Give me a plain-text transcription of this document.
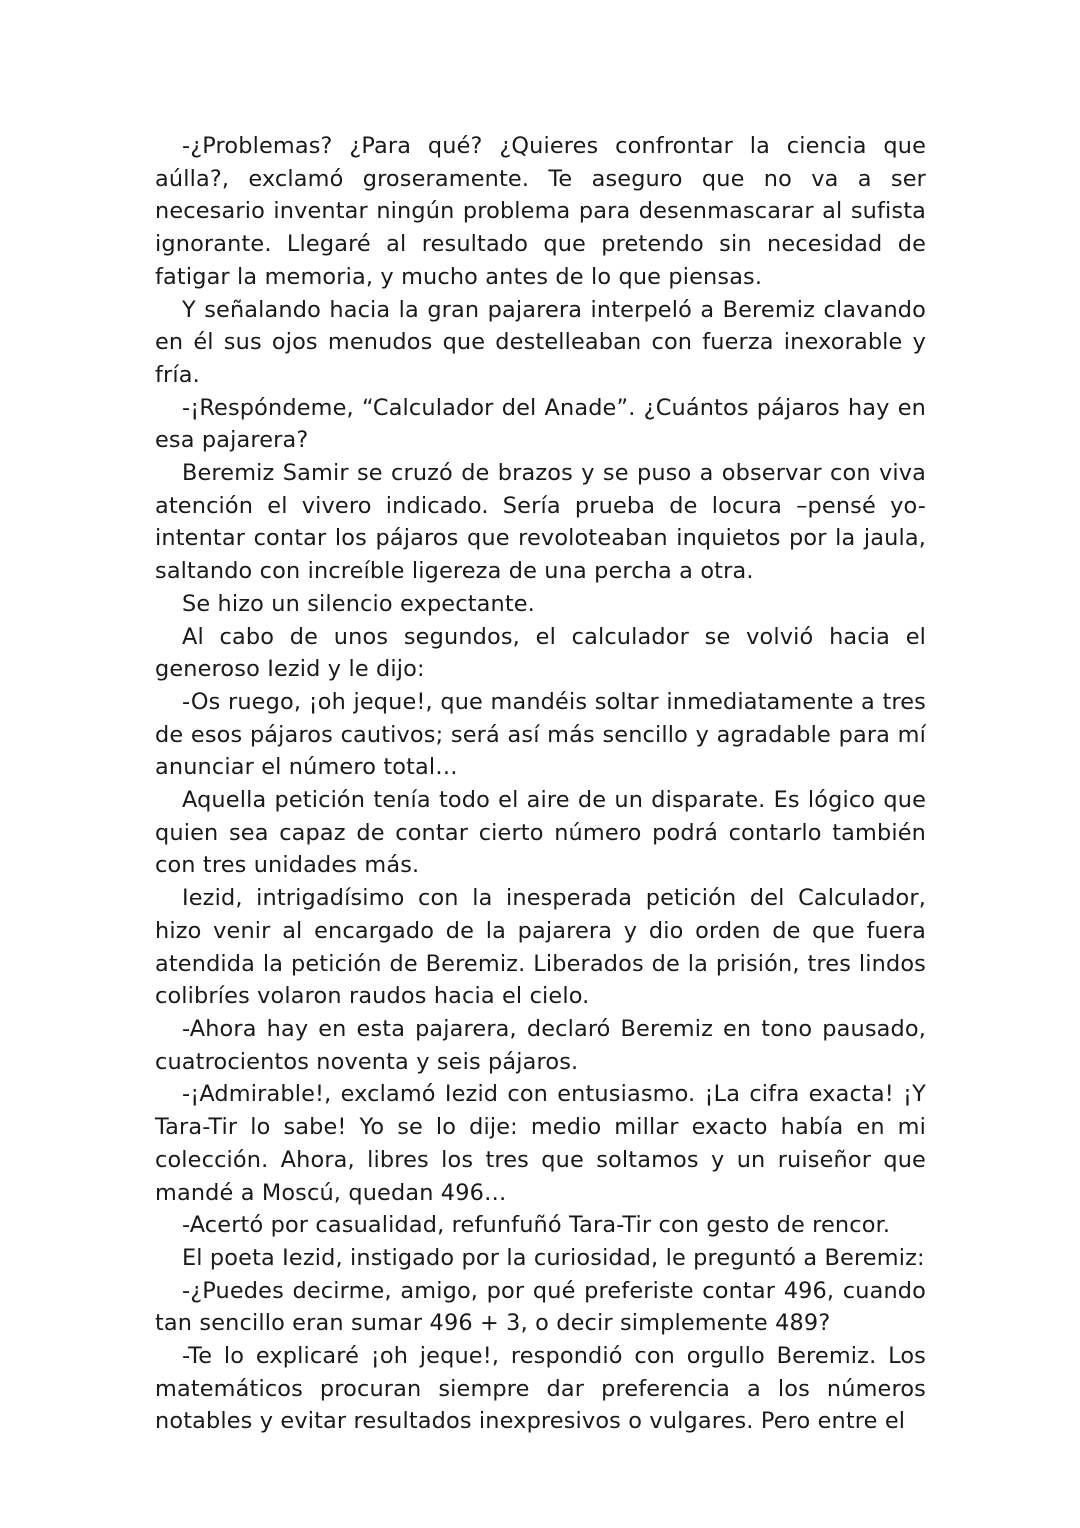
-¿Problemas? ¿Para qué? ¿Quieres confrontar la ciencia que aúlla?, exclamó groseramente. Te aseguro que no va a ser necesario inventar ningún problema para desenmascarar al sufista ignorante. Llegaré al resultado que pretendo sin necesidad de fatigar la memoria, y mucho antes de lo que piensas.

Y señalando hacia la gran pajarera interpeló a Beremiz clavando en él sus ojos menudos que destelleaban con fuerza inexorable y fría.

-¡Respóndeme, “Calculador del Anade”. ¿Cuántos pájaros hay en esa pajarera?

Beremiz Samir se cruzó de brazos y se puso a observar con viva atención el vivero indicado. Sería prueba de locura –pensé yo- intentar contar los pájaros que revoloteaban inquietos por la jaula, saltando con increíble ligereza de una percha a otra.

Se hizo un silencio expectante.

Al cabo de unos segundos, el calculador se volvió hacia el generoso Iezid y le dijo:

-Os ruego, ¡oh jeque!, que mandéis soltar inmediatamente a tres de esos pájaros cautivos; será así más sencillo y agradable para mí anunciar el número total…

Aquella petición tenía todo el aire de un disparate. Es lógico que quien sea capaz de contar cierto número podrá contarlo también con tres unidades más.

Iezid, intrigadísimo con la inesperada petición del Calculador, hizo venir al encargado de la pajarera y dio orden de que fuera atendida la petición de Beremiz. Liberados de la prisión, tres lindos colibríes volaron raudos hacia el cielo.

-Ahora hay en esta pajarera, declaró Beremiz en tono pausado, cuatrocientos noventa y seis pájaros.

-¡Admirable!, exclamó Iezid con entusiasmo. ¡La cifra exacta! ¡Y Tara-Tir lo sabe! Yo se lo dije: medio millar exacto había en mi colección. Ahora, libres los tres que soltamos y un ruiseñor que mandé a Moscú, quedan 496…

-Acertó por casualidad, refunfuñó Tara-Tir con gesto de rencor.

El poeta Iezid, instigado por la curiosidad, le preguntó a Beremiz:

-¿Puedes decirme, amigo, por qué preferiste contar 496, cuando tan sencillo eran sumar 496 + 3, o decir simplemente 489?

-Te lo explicaré ¡oh jeque!, respondió con orgullo Beremiz. Los matemáticos procuran siempre dar preferencia a los números notables y evitar resultados inexpresivos o vulgares. Pero entre el
